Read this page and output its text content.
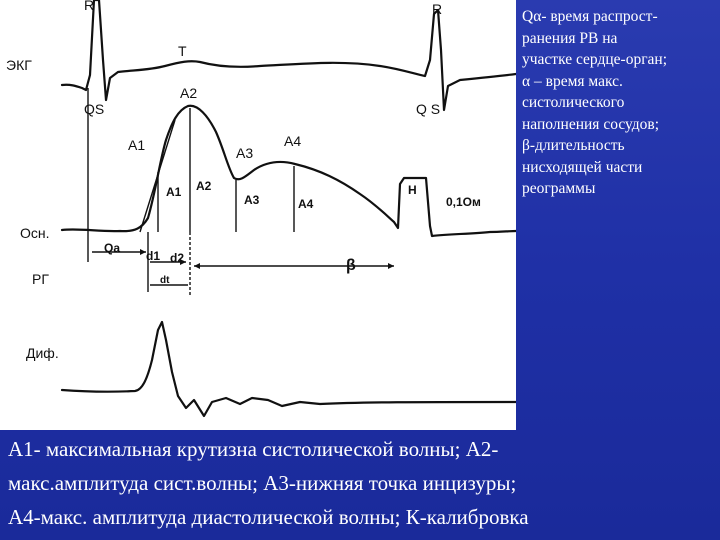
R	R
ЭКГ
T
QS	Q S
A2
A1	A3
A4
A1 A2
A3	A4
H
0,1Ом
Осн.
Qa
d1 d2
dt
β
РГ
Диф.
Qα- время распрост-
ранения РВ на
участке сердце-орган;
α – время макс.
систолического
наполнения сосудов;
β-длительность
нисходящей части
реограммы
А1- максимальная крутизна систолической волны; А2-
макс.амплитуда сист.волны; А3-нижняя точка инцизуры;
А4-макс. амплитуда диастолической волны; К-калибровка
